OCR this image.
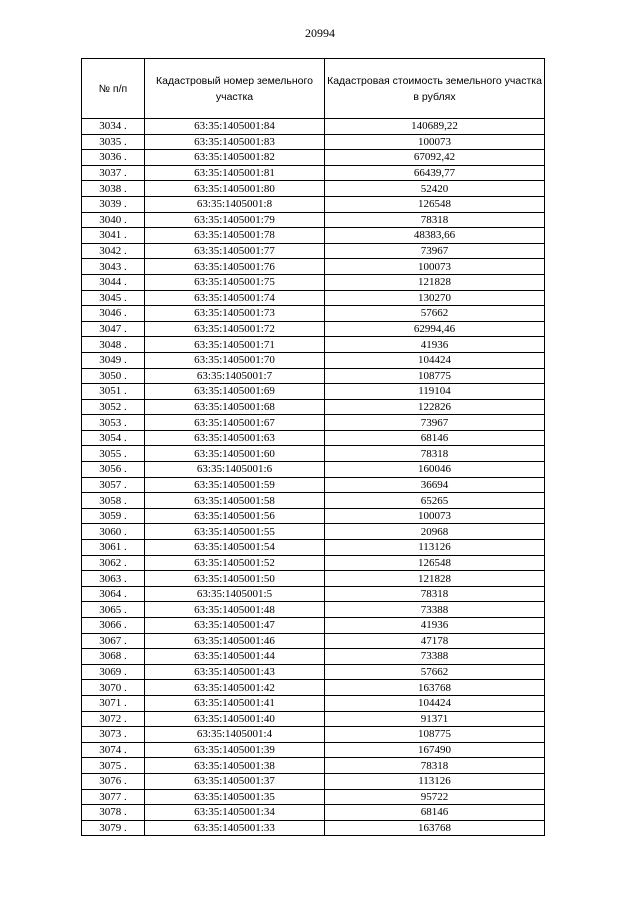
20994
№ п/п	Кадастровый номер земельного участка	Кадастровая стоимость земельного участка в рублях
3034 .	63:35:1405001:84	140689,22
3035 .	63:35:1405001:83	100073
3036 .	63:35:1405001:82	67092,42
3037 .	63:35:1405001:81	66439,77
3038 .	63:35:1405001:80	52420
3039 .	63:35:1405001:8	126548
3040 .	63:35:1405001:79	78318
3041 .	63:35:1405001:78	48383,66
3042 .	63:35:1405001:77	73967
3043 .	63:35:1405001:76	100073
3044 .	63:35:1405001:75	121828
3045 .	63:35:1405001:74	130270
3046 .	63:35:1405001:73	57662
3047 .	63:35:1405001:72	62994,46
3048 .	63:35:1405001:71	41936
3049 .	63:35:1405001:70	104424
3050 .	63:35:1405001:7	108775
3051 .	63:35:1405001:69	119104
3052 .	63:35:1405001:68	122826
3053 .	63:35:1405001:67	73967
3054 .	63:35:1405001:63	68146
3055 .	63:35:1405001:60	78318
3056 .	63:35:1405001:6	160046
3057 .	63:35:1405001:59	36694
3058 .	63:35:1405001:58	65265
3059 .	63:35:1405001:56	100073
3060 .	63:35:1405001:55	20968
3061 .	63:35:1405001:54	113126
3062 .	63:35:1405001:52	126548
3063 .	63:35:1405001:50	121828
3064 .	63:35:1405001:5	78318
3065 .	63:35:1405001:48	73388
3066 .	63:35:1405001:47	41936
3067 .	63:35:1405001:46	47178
3068 .	63:35:1405001:44	73388
3069 .	63:35:1405001:43	57662
3070 .	63:35:1405001:42	163768
3071 .	63:35:1405001:41	104424
3072 .	63:35:1405001:40	91371
3073 .	63:35:1405001:4	108775
3074 .	63:35:1405001:39	167490
3075 .	63:35:1405001:38	78318
3076 .	63:35:1405001:37	113126
3077 .	63:35:1405001:35	95722
3078 .	63:35:1405001:34	68146
3079 .	63:35:1405001:33	163768
